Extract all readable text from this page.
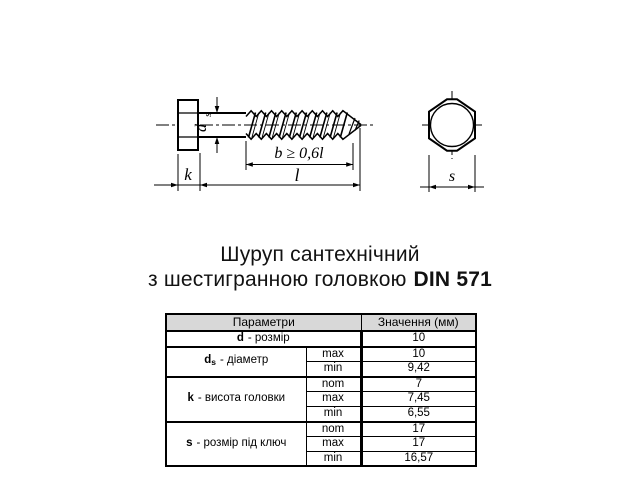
d
s
b ≥ 0,6l
k	l	s
Шуруп сантехнічний
з шестигранною головкою DIN 571
Параметри		Значення (мм)
d - розмір		10
$d_s$ - діаметр	max	10
	min	9,42
k - висота головки	nom	7
	max	7,45
	min	6,55
s - розмір під ключ	nom	17
	max	17
	min	16,57
